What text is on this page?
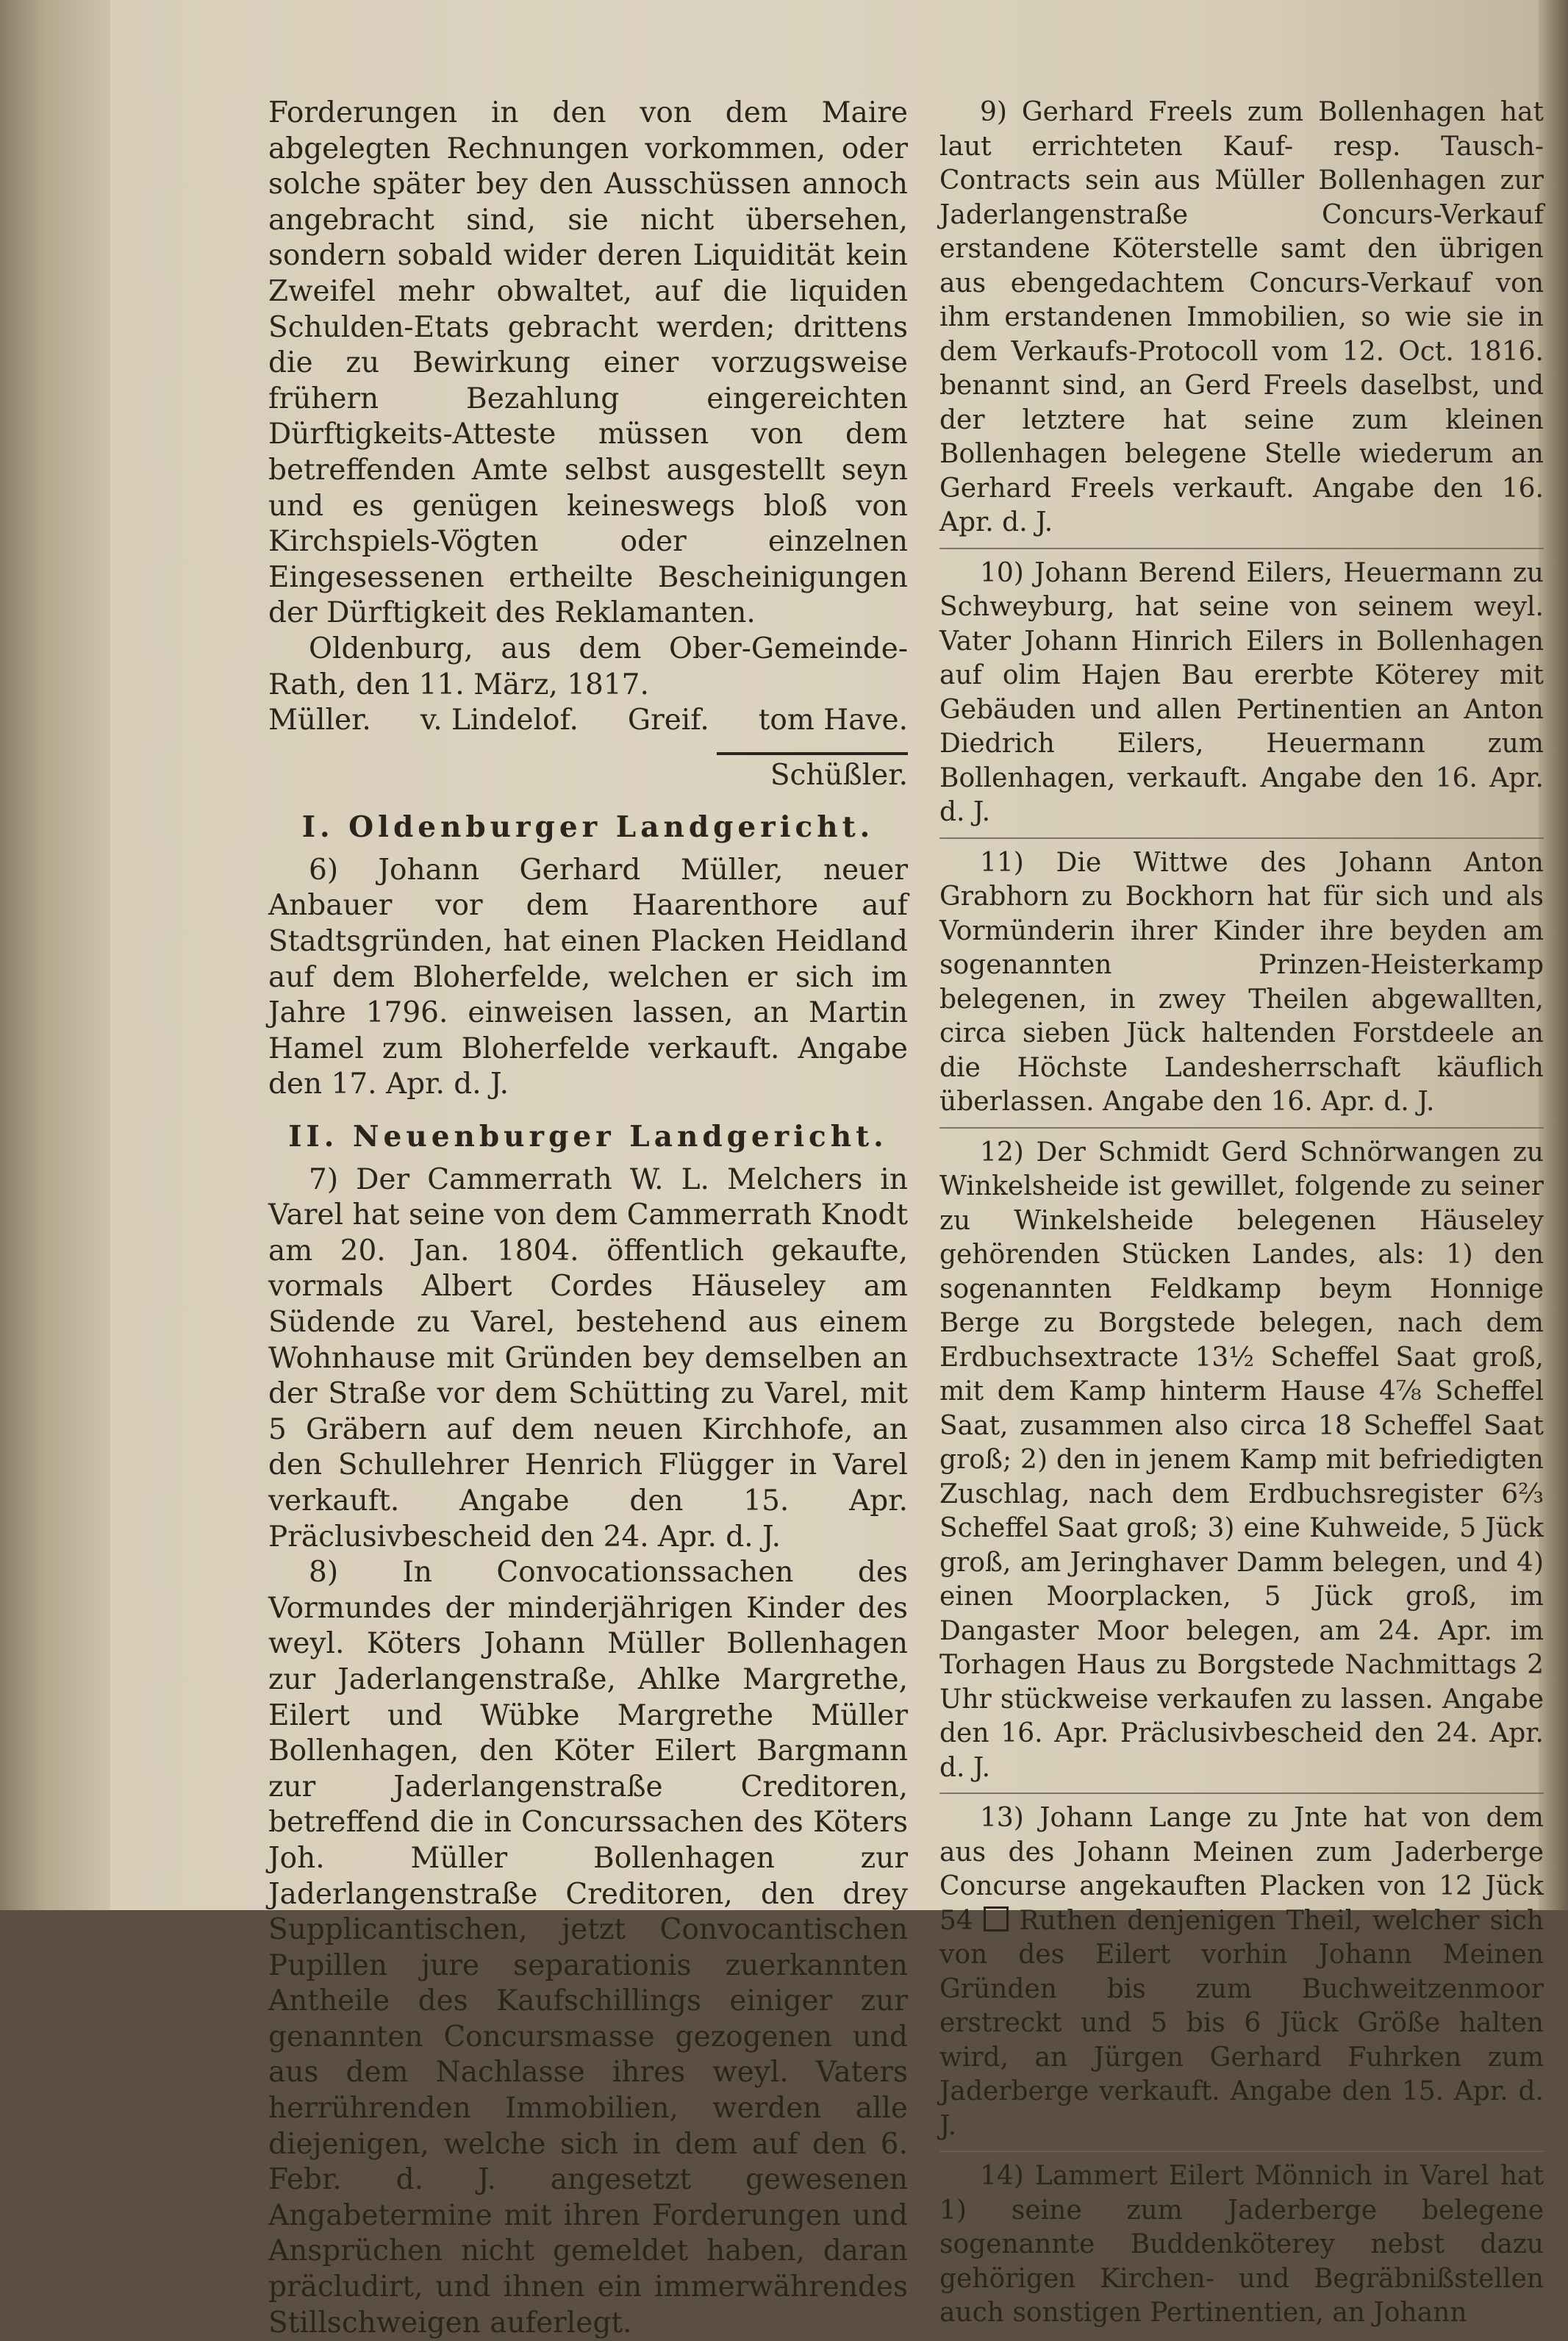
Forderungen in den von dem Maire abgelegten Rechnungen vorkommen, oder solche später bey den Ausschüssen annoch angebracht sind, sie nicht übersehen, sondern sobald wider deren Liquidität kein Zweifel mehr obwaltet, auf die liquiden Schulden-Etats gebracht werden; drittens die zu Bewirkung einer vorzugsweise frühern Bezahlung eingereichten Dürftigkeits-Atteste müssen von dem betreffenden Amte selbst ausgestellt seyn und es genügen keineswegs bloß von Kirchspiels-Vögten oder einzelnen Eingesessenen ertheilte Bescheinigungen der Dürftigkeit des Reklamanten.

Oldenburg, aus dem Ober-Gemeinde-Rath, den 11. März, 1817.

Müller. v. Lindelof. Greif. tom Have.

Schüßler.

I. Oldenburger Landgericht.

6) Johann Gerhard Müller, neuer Anbauer vor dem Haarenthore auf Stadtsgründen, hat einen Placken Heidland auf dem Bloherfelde, welchen er sich im Jahre 1796. einweisen lassen, an Martin Hamel zum Bloherfelde verkauft. Angabe den 17. Apr. d. J.

II. Neuenburger Landgericht.

7) Der Cammerrath W. L. Melchers in Varel hat seine von dem Cammerrath Knodt am 20. Jan. 1804. öffentlich gekaufte, vormals Albert Cordes Häuseley am Südende zu Varel, bestehend aus einem Wohnhause mit Gründen bey demselben an der Straße vor dem Schütting zu Varel, mit 5 Gräbern auf dem neuen Kirchhofe, an den Schullehrer Henrich Flügger in Varel verkauft. Angabe den 15. Apr. Präclusivbescheid den 24. Apr. d. J.

8) In Convocationssachen des Vormundes der minderjährigen Kinder des weyl. Köters Johann Müller Bollenhagen zur Jaderlangenstraße, Ahlke Margrethe, Eilert und Wübke Margrethe Müller Bollenhagen, den Köter Eilert Bargmann zur Jaderlangenstraße Creditoren, betreffend die in Concurssachen des Köters Joh. Müller Bollenhagen zur Jaderlangenstraße Creditoren, den drey Supplicantischen, jetzt Convocantischen Pupillen jure separationis zuerkannten Antheile des Kaufschillings einiger zur genannten Concursmasse gezogenen und aus dem Nachlasse ihres weyl. Vaters herrührenden Immobilien, werden alle diejenigen, welche sich in dem auf den 6. Febr. d. J. angesetzt gewesenen Angabetermine mit ihren Forderungen und Ansprüchen nicht gemeldet haben, daran präcludirt, und ihnen ein immerwährendes Stillschweigen auferlegt.

9) Gerhard Freels zum Bollenhagen hat laut errichteten Kauf- resp. Tausch-Contracts sein aus Müller Bollenhagen zur Jaderlangenstraße Concurs-Verkauf erstandene Köterstelle samt den übrigen aus ebengedachtem Concurs-Verkauf von ihm erstandenen Immobilien, so wie sie in dem Verkaufs-Protocoll vom 12. Oct. 1816. benannt sind, an Gerd Freels daselbst, und der letztere hat seine zum kleinen Bollenhagen belegene Stelle wiederum an Gerhard Freels verkauft. Angabe den 16. Apr. d. J.

10) Johann Berend Eilers, Heuermann zu Schweyburg, hat seine von seinem weyl. Vater Johann Hinrich Eilers in Bollenhagen auf olim Hajen Bau ererbte Köterey mit Gebäuden und allen Pertinentien an Anton Diedrich Eilers, Heuermann zum Bollenhagen, verkauft. Angabe den 16. Apr. d. J.

11) Die Wittwe des Johann Anton Grabhorn zu Bockhorn hat für sich und als Vormünderin ihrer Kinder ihre beyden am sogenannten Prinzen-Heisterkamp belegenen, in zwey Theilen abgewallten, circa sieben Jück haltenden Forstdeele an die Höchste Landesherrschaft käuflich überlassen. Angabe den 16. Apr. d. J.

12) Der Schmidt Gerd Schnörwangen zu Winkelsheide ist gewillet, folgende zu seiner zu Winkelsheide belegenen Häuseley gehörenden Stücken Landes, als: 1) den sogenannten Feldkamp beym Honnige Berge zu Borgstede belegen, nach dem Erdbuchsextracte 13½ Scheffel Saat groß, mit dem Kamp hinterm Hause 4⅞ Scheffel Saat, zusammen also circa 18 Scheffel Saat groß; 2) den in jenem Kamp mit befriedigten Zuschlag, nach dem Erdbuchsregister 6⅔ Scheffel Saat groß; 3) eine Kuhweide, 5 Jück groß, am Jeringhaver Damm belegen, und 4) einen Moorplacken, 5 Jück groß, im Dangaster Moor belegen, am 24. Apr. im Torhagen Haus zu Borgstede Nachmittags 2 Uhr stückweise verkaufen zu lassen. Angabe den 16. Apr. Präclusivbescheid den 24. Apr. d. J.

13) Johann Lange zu Jnte hat von dem aus des Johann Meinen zum Jaderberge Concurse angekauften Placken von 12 Jück 54 Ruthen denjenigen Theil, welcher sich von des Eilert vorhin Johann Meinen Gründen bis zum Buchweitzenmoor erstreckt und 5 bis 6 Jück Größe halten wird, an Jürgen Gerhard Fuhrken zum Jaderberge verkauft. Angabe den 15. Apr. d. J.

14) Lammert Eilert Mönnich in Varel hat 1) seine zum Jaderberge belegene sogenannte Buddenköterey nebst dazu gehörigen Kirchen- und Begräbnißstellen auch sonstigen Pertinentien, an Johann
